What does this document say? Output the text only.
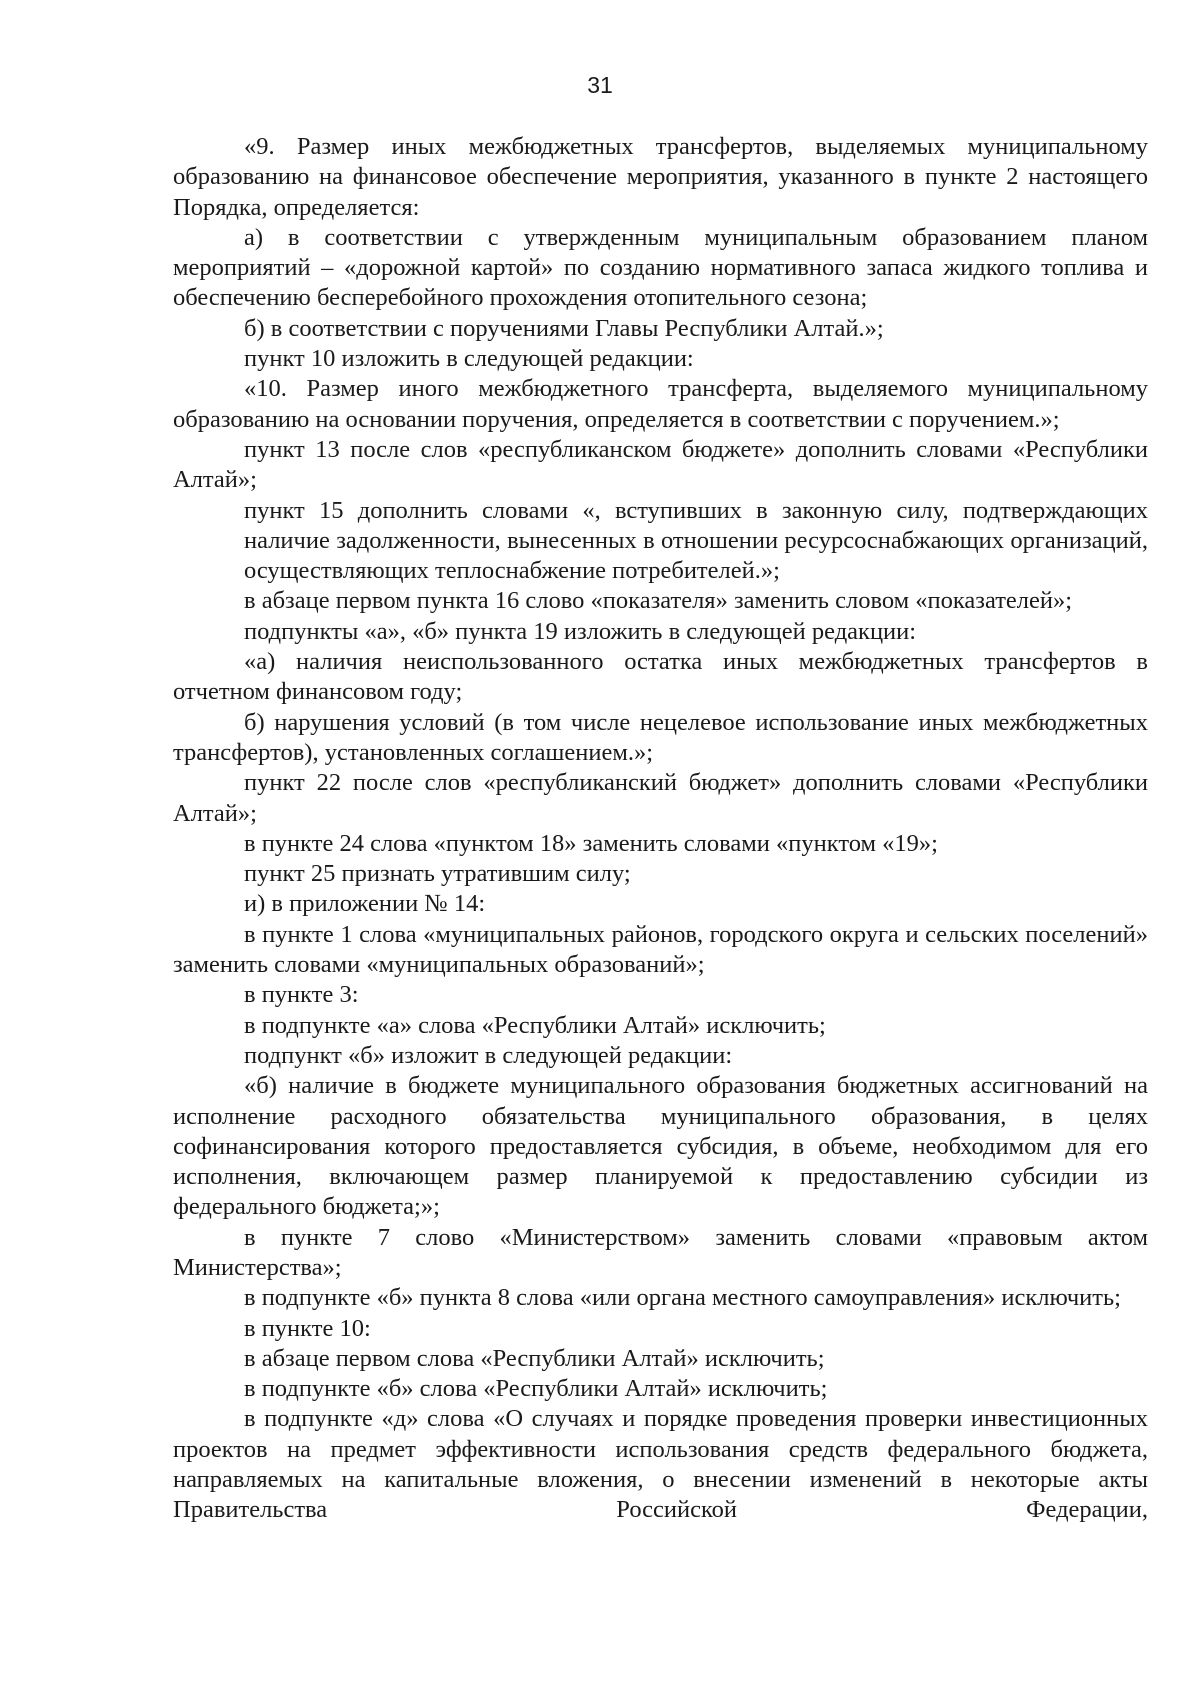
31

«9. Размер иных межбюджетных трансфертов, выделяемых муниципальному образованию на финансовое обеспечение мероприятия, указанного в пункте 2 настоящего Порядка, определяется:

а) в соответствии с утвержденным муниципальным образованием планом мероприятий – «дорожной картой» по созданию нормативного запаса жидкого топлива и обеспечению бесперебойного прохождения отопительного сезона;

б) в соответствии с поручениями Главы Республики Алтай.»;

пункт 10 изложить в следующей редакции:

«10. Размер иного межбюджетного трансферта, выделяемого муниципальному образованию на основании поручения, определяется в соответствии с поручением.»;

пункт 13 после слов «республиканском бюджете» дополнить словами «Республики Алтай»;

пункт 15 дополнить словами «, вступивших в законную силу, подтверждающих наличие задолженности, вынесенных в отношении ресурсоснабжающих организаций, осуществляющих теплоснабжение потребителей.»;

в абзаце первом пункта 16 слово «показателя» заменить словом «показателей»;

подпункты «а», «б» пункта 19 изложить в следующей редакции:

«а) наличия неиспользованного остатка иных межбюджетных трансфертов в отчетном финансовом году;

б) нарушения условий (в том числе нецелевое использование иных межбюджетных трансфертов), установленных соглашением.»;

пункт 22 после слов «республиканский бюджет» дополнить словами «Республики Алтай»;

в пункте 24 слова «пунктом 18» заменить словами «пунктом «19»;

пункт 25 признать утратившим силу;

и) в приложении № 14:

в пункте 1 слова «муниципальных районов, городского округа и сельских поселений» заменить словами «муниципальных образований»;

в пункте 3:

в подпункте «а» слова «Республики Алтай» исключить;

подпункт «б» изложит в следующей редакции:

«б) наличие в бюджете муниципального образования бюджетных ассигнований на исполнение расходного обязательства муниципального образования, в целях софинансирования которого предоставляется субсидия, в объеме, необходимом для его исполнения, включающем размер планируемой к предоставлению субсидии из федерального бюджета;»;

в пункте 7 слово «Министерством» заменить словами «правовым актом Министерства»;

в подпункте «б» пункта 8 слова «или органа местного самоуправления» исключить;

в пункте 10:

в абзаце первом слова «Республики Алтай» исключить;

в подпункте «б» слова «Республики Алтай» исключить;

в подпункте «д» слова «О случаях и порядке проведения проверки инвестиционных проектов на предмет эффективности использования средств федерального бюджета, направляемых на капитальные вложения, о внесении изменений в некоторые акты Правительства Российской Федерации,
